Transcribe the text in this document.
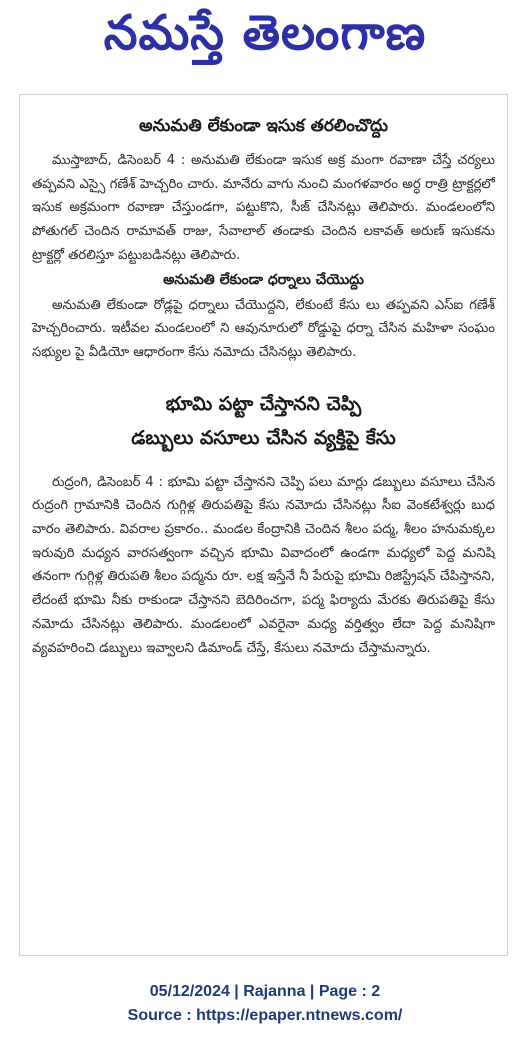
నమస్తే తెలంగాణ
అనుమతి లేకుండా ఇసుక తరలించొద్దు

ముస్తాబాద్, డిసెంబర్ 4 : అనుమతి లేకుండా ఇసుక అక్ర మంగా రవాణా చేస్తే చర్యలు తప్పవని ఎస్సై గణేశ్ హెచ్చరిం చారు. మానేరు వాగు నుంచి మంగళవారం అర్ధ రాత్రి ట్రాక్టర్లలో ఇసుక అక్రమంగా రవాణా చేస్తుండగా, పట్టుకొని, సీజ్ చేసినట్లు తెలిపారు. మండలంలోని పోతుగల్ చెందిన రామావత్ రాజు, సేవాలాల్ తండాకు చెందిన లకావత్ అరుణ్ ఇసుకను ట్రాక్టర్లో తరలిస్తూ పట్టుబడినట్లు తెలిపారు.

అనుమతి లేకుండా ధర్నాలు చేయొద్దు

అనుమతి లేకుండా రోడ్లపై ధర్నాలు చేయొద్దని, లేకుంటే కేసు లు తప్పవని ఎస్ఐ గణేశ్ హెచ్చరించారు. ఇటీవల మండలంలో ని ఆవునూరులో రోడ్డుపై ధర్నా చేసిన మహిళా సంఘం సభ్యుల పై వీడియో ఆధారంగా కేసు నమోదు చేసినట్లు తెలిపారు.

భూమి పట్టా చేస్తానని చెప్పి
డబ్బులు వసూలు చేసిన వ్యక్తిపై కేసు

రుద్రంగి, డిసెంబర్ 4 : భూమి పట్టా చేస్తానని చెప్పి పలు మార్లు డబ్బులు వసూలు చేసిన రుద్రంగి గ్రామానికి చెందిన గుగ్గిళ్ల తిరుపతిపై కేసు నమోదు చేసినట్లు సీఐ వెంకటేశ్వర్లు బుధ వారం తెలిపారు. వివరాల ప్రకారం.. మండల కేంద్రానికి చెందిన శీలం పద్మ, శీలం హనుమక్కల ఇరువురి మధ్యన వారసత్వంగా వచ్చిన భూమి వివాదంలో ఉండగా మధ్యలో పెద్ద మనిషి తనంగా గుగ్గిళ్ల తిరుపతి శీలం పద్మను రూ. లక్ష ఇస్తేనే నీ పేరుపై భూమి రిజిస్ట్రేషన్ చేపిస్తానని, లేదంటే భూమి నీకు రాకుండా చేస్తానని బెదిరించగా, పద్మ ఫిర్యాదు మేరకు తిరుపతిపై కేసు నమోదు చేసినట్లు తెలిపారు. మండలంలో ఎవరైనా మధ్య వర్తిత్వం లేదా పెద్ద మనిషిగా వ్యవహరించి డబ్బులు ఇవ్వాలని డిమాండ్ చేస్తే, కేసులు నమోదు చేస్తామన్నారు.

05/12/2024 | Rajanna | Page : 2
Source : https://epaper.ntnews.com/
